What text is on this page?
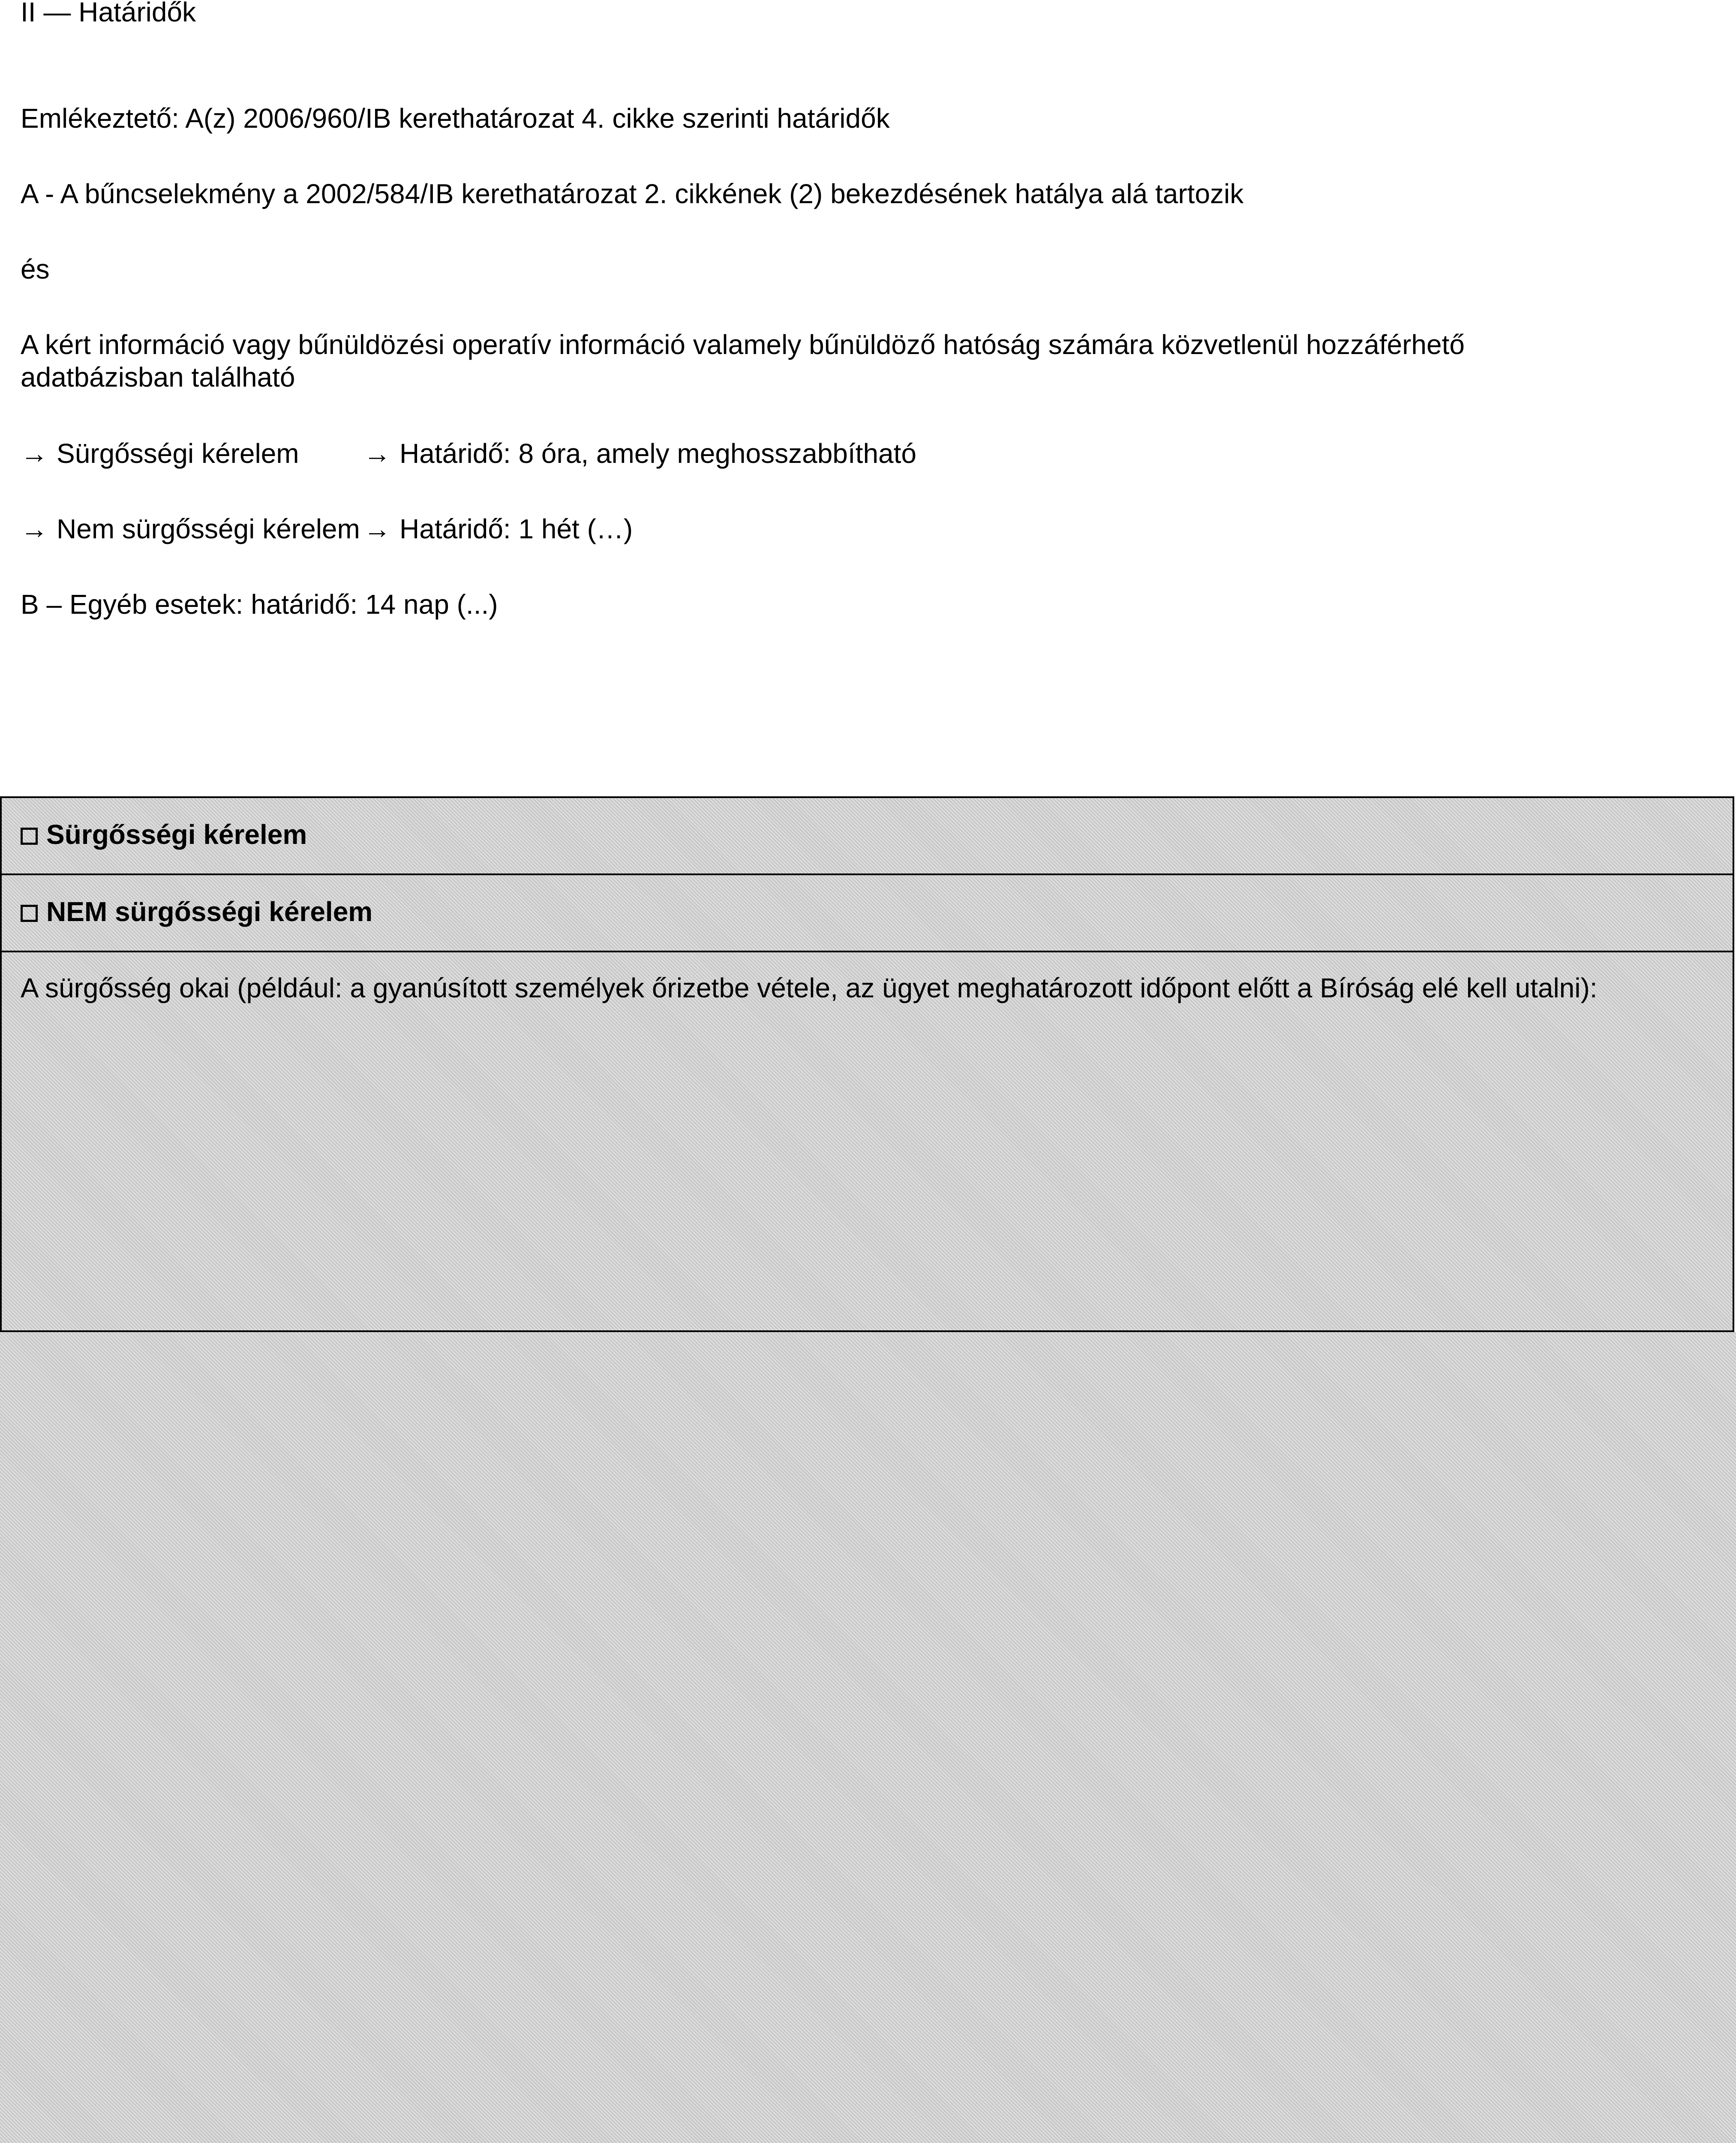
II — Határidők
Emlékeztető: A(z) 2006/960/IB kerethatározat 4. cikke szerinti határidők
A - A bűncselekmény a 2002/584/IB kerethatározat 2. cikkének (2) bekezdésének hatálya alá tartozik
és
A kért információ vagy bűnüldözési operatív információ valamely bűnüldöző hatóság számára közvetlenül hozzáférhető adatbázisban található
→ Sürgősségi kérelem → Határidő: 8 óra, amely meghosszabbítható
→ Nem sürgősségi kérelem → Határidő: 1 hét (…)
B – Egyéb esetek: határidő: 14 nap (...)
Sürgősségi kérelem
NEM sürgősségi kérelem
A sürgősség okai (például: a gyanúsított személyek őrizetbe vétele, az ügyet meghatározott időpont előtt a Bíróság elé kell utalni):
